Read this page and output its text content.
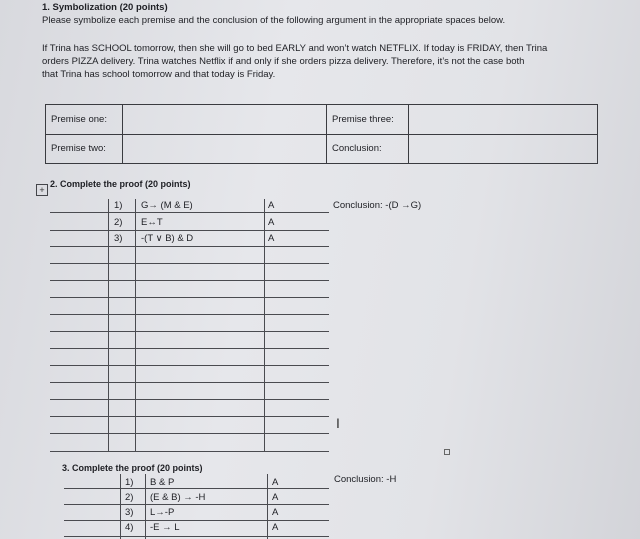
1. Symbolization (20 points)
Please symbolize each premise and the conclusion of the following argument in the appropriate spaces below.
If Trina has SCHOOL tomorrow, then she will go to bed EARLY and won’t watch NETFLIX. If today is FRIDAY, then Trina
orders PIZZA delivery. Trina watches Netflix if and only if she orders pizza delivery. Therefore, it’s not the case both
that Trina has school tomorrow and that today is Friday.
Premise one:		Premise three:	
Premise two:		Conclusion:	
+
2. Complete the proof (20 points)
1) G→ (M & E)	A
2) E↔T	A
3) -(T ∨ B) & D	A
Conclusion: -(D →G)
3. Complete the proof (20 points)
1) B & P	A
2) (E & B) → -H	A
3) L→-P	A
4) -E → L	A
Conclusion: -H
I
